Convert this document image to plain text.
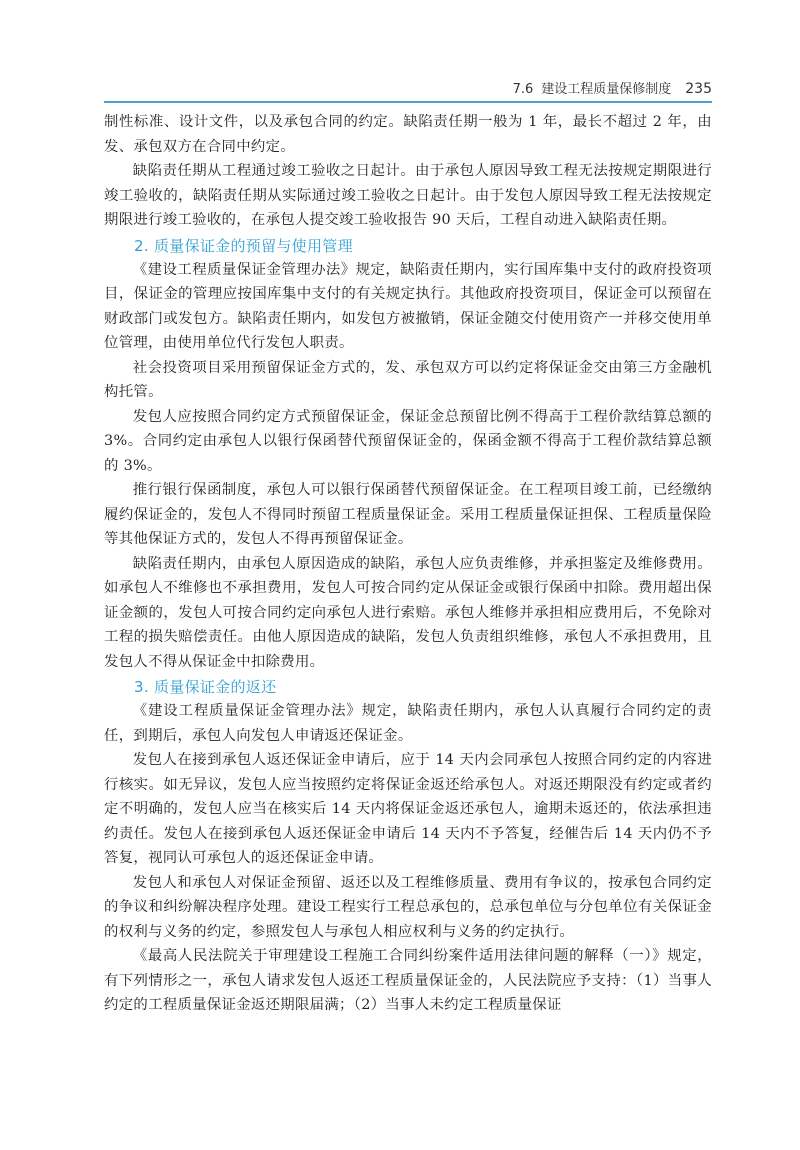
7.6 建设工程质量保修制度 235

制性标准、设计文件，以及承包合同的约定。缺陷责任期一般为 1 年，最长不超过 2 年，由发、承包双方在合同中约定。

缺陷责任期从工程通过竣工验收之日起计。由于承包人原因导致工程无法按规定期限进行竣工验收的，缺陷责任期从实际通过竣工验收之日起计。由于发包人原因导致工程无法按规定期限进行竣工验收的，在承包人提交竣工验收报告 90 天后，工程自动进入缺陷责任期。

2. 质量保证金的预留与使用管理

《建设工程质量保证金管理办法》规定，缺陷责任期内，实行国库集中支付的政府投资项目，保证金的管理应按国库集中支付的有关规定执行。其他政府投资项目，保证金可以预留在财政部门或发包方。缺陷责任期内，如发包方被撤销，保证金随交付使用资产一并移交使用单位管理，由使用单位代行发包人职责。

社会投资项目采用预留保证金方式的，发、承包双方可以约定将保证金交由第三方金融机构托管。

发包人应按照合同约定方式预留保证金，保证金总预留比例不得高于工程价款结算总额的 3%。合同约定由承包人以银行保函替代预留保证金的，保函金额不得高于工程价款结算总额的 3%。

推行银行保函制度，承包人可以银行保函替代预留保证金。在工程项目竣工前，已经缴纳履约保证金的，发包人不得同时预留工程质量保证金。采用工程质量保证担保、工程质量保险等其他保证方式的，发包人不得再预留保证金。

缺陷责任期内，由承包人原因造成的缺陷，承包人应负责维修，并承担鉴定及维修费用。如承包人不维修也不承担费用，发包人可按合同约定从保证金或银行保函中扣除。费用超出保证金额的，发包人可按合同约定向承包人进行索赔。承包人维修并承担相应费用后，不免除对工程的损失赔偿责任。由他人原因造成的缺陷，发包人负责组织维修，承包人不承担费用，且发包人不得从保证金中扣除费用。

3. 质量保证金的返还

《建设工程质量保证金管理办法》规定，缺陷责任期内，承包人认真履行合同约定的责任，到期后，承包人向发包人申请返还保证金。

发包人在接到承包人返还保证金申请后，应于 14 天内会同承包人按照合同约定的内容进行核实。如无异议，发包人应当按照约定将保证金返还给承包人。对返还期限没有约定或者约定不明确的，发包人应当在核实后 14 天内将保证金返还承包人，逾期未返还的，依法承担违约责任。发包人在接到承包人返还保证金申请后 14 天内不予答复，经催告后 14 天内仍不予答复，视同认可承包人的返还保证金申请。

发包人和承包人对保证金预留、返还以及工程维修质量、费用有争议的，按承包合同约定的争议和纠纷解决程序处理。建设工程实行工程总承包的，总承包单位与分包单位有关保证金的权利与义务的约定，参照发包人与承包人相应权利与义务的约定执行。

《最高人民法院关于审理建设工程施工合同纠纷案件适用法律问题的解释（一）》规定，有下列情形之一，承包人请求发包人返还工程质量保证金的，人民法院应予支持：（1）当事人约定的工程质量保证金返还期限届满；（2）当事人未约定工程质量保证
